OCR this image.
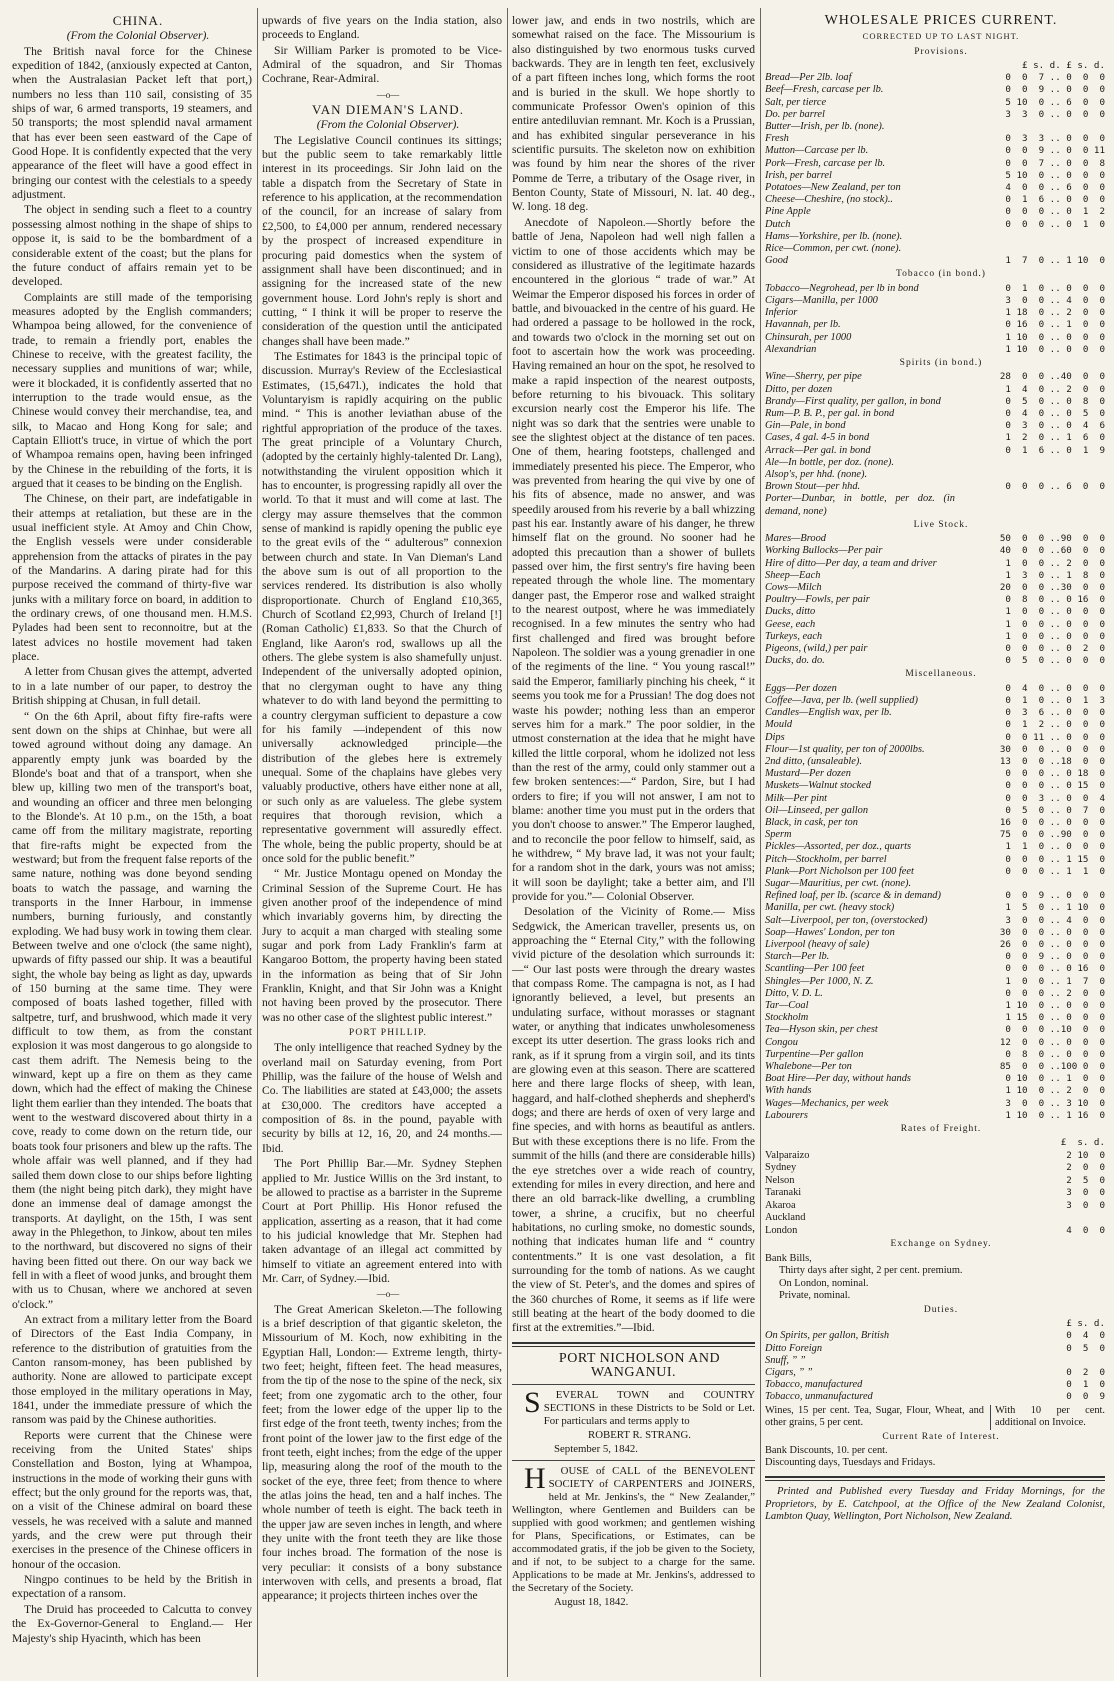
CHINA.

(From the Colonial Observer).

The British naval force for the Chinese expedition of 1842, (anxiously expected at Canton, when the Australasian Packet left that port,) numbers no less than 110 sail, consisting of 35 ships of war, 6 armed transports, 19 steamers, and 50 transports; the most splendid naval armament that has ever been seen eastward of the Cape of Good Hope. It is confidently expected that the very appearance of the fleet will have a good effect in bringing our contest with the celestials to a speedy adjustment.

The object in sending such a fleet to a country possessing almost nothing in the shape of ships to oppose it, is said to be the bombardment of a considerable extent of the coast; but the plans for the future conduct of affairs remain yet to be developed.

Complaints are still made of the temporising measures adopted by the English commanders; Whampoa being allowed, for the convenience of trade, to remain a friendly port, enables the Chinese to receive, with the greatest facility, the necessary supplies and munitions of war; while, were it blockaded, it is confidently asserted that no interruption to the trade would ensue, as the Chinese would convey their merchandise, tea, and silk, to Macao and Hong Kong for sale; and Captain Elliott's truce, in virtue of which the port of Whampoa remains open, having been infringed by the Chinese in the rebuilding of the forts, it is argued that it ceases to be binding on the English.

The Chinese, on their part, are indefatigable in their attemps at retaliation, but these are in the usual inefficient style. At Amoy and Chin Chow, the English vessels were under considerable apprehension from the attacks of pirates in the pay of the Mandarins. A daring pirate had for this purpose received the command of thirty-five war junks with a military force on board, in addition to the ordinary crews, of one thousand men. H.M.S. Pylades had been sent to reconnoitre, but at the latest advices no hostile movement had taken place.

A letter from Chusan gives the attempt, adverted to in a late number of our paper, to destroy the British shipping at Chusan, in full detail.

“ On the 6th April, about fifty fire-rafts were sent down on the ships at Chinhae, but were all towed aground without doing any damage. An apparently empty junk was boarded by the Blonde's boat and that of a transport, when she blew up, killing two men of the transport's boat, and wounding an officer and three men belonging to the Blonde's. At 10 p.m., on the 15th, a boat came off from the military magistrate, reporting that fire-rafts might be expected from the westward; but from the frequent false reports of the same nature, nothing was done beyond sending boats to watch the passage, and warning the transports in the Inner Harbour, in immense numbers, burning furiously, and constantly exploding. We had busy work in towing them clear. Between twelve and one o'clock (the same night), upwards of fifty passed our ship. It was a beautiful sight, the whole bay being as light as day, upwards of 150 burning at the same time. They were composed of boats lashed together, filled with saltpetre, turf, and brushwood, which made it very difficult to tow them, as from the constant explosion it was most dangerous to go alongside to cast them adrift. The Nemesis being to the winward, kept up a fire on them as they came down, which had the effect of making the Chinese light them earlier than they intended. The boats that went to the westward discovered about thirty in a cove, ready to come down on the return tide, our boats took four prisoners and blew up the rafts. The whole affair was well planned, and if they had sailed them down close to our ships before lighting them (the night being pitch dark), they might have done an immense deal of damage amongst the transports. At daylight, on the 15th, I was sent away in the Phlegethon, to Jinkow, about ten miles to the northward, but discovered no signs of their having been fitted out there. On our way back we fell in with a fleet of wood junks, and brought them with us to Chusan, where we anchored at seven o'clock.”

An extract from a military letter from the Board of Directors of the East India Company, in reference to the distribution of gratuities from the Canton ransom-money, has been published by authority. None are allowed to participate except those employed in the military operations in May, 1841, under the immediate pressure of which the ransom was paid by the Chinese authorities.

Reports were current that the Chinese were receiving from the United States' ships Constellation and Boston, lying at Whampoa, instructions in the mode of working their guns with effect; but the only ground for the reports was, that, on a visit of the Chinese admiral on board these vessels, he was received with a salute and manned yards, and the crew were put through their exercises in the presence of the Chinese officers in honour of the occasion.

Ningpo continues to be held by the British in expectation of a ransom.

The Druid has proceeded to Calcutta to convey the Ex-Governor-General to England.— Her Majesty's ship Hyacinth, which has been

upwards of five years on the India station, also proceeds to England.

Sir William Parker is promoted to be Vice-Admiral of the squadron, and Sir Thomas Cochrane, Rear-Admiral.

—o—

VAN DIEMAN'S LAND.

(From the Colonial Observer).

The Legislative Council continues its sittings; but the public seem to take remarkably little interest in its proceedings. Sir John laid on the table a dispatch from the Secretary of State in reference to his application, at the recommendation of the council, for an increase of salary from £2,500, to £4,000 per annum, rendered necessary by the prospect of increased expenditure in procuring paid domestics when the system of assignment shall have been discontinued; and in assigning for the increased state of the new government house. Lord John's reply is short and cutting, “ I think it will be proper to reserve the consideration of the question until the anticipated changes shall have been made.”

The Estimates for 1843 is the principal topic of discussion. Murray's Review of the Ecclesiastical Estimates, (15,647l.), indicates the hold that Voluntaryism is rapidly acquiring on the public mind. “ This is another leviathan abuse of the rightful appropriation of the produce of the taxes. The great principle of a Voluntary Church, (adopted by the certainly highly-talented Dr. Lang), notwithstanding the virulent opposition which it has to encounter, is progressing rapidly all over the world. To that it must and will come at last. The clergy may assure themselves that the common sense of mankind is rapidly opening the public eye to the great evils of the “ adulterous” connexion between church and state. In Van Dieman's Land the above sum is out of all proportion to the services rendered. Its distribution is also wholly disproportionate. Church of England £10,365, Church of Scotland £2,993, Church of Ireland [!] (Roman Catholic) £1,833. So that the Church of England, like Aaron's rod, swallows up all the others. The glebe system is also shamefully unjust. Independent of the universally adopted opinion, that no clergyman ought to have any thing whatever to do with land beyond the permitting to a country clergyman sufficient to depasture a cow for his family —independent of this now universally acknowledged principle—the distribution of the glebes here is extremely unequal. Some of the chaplains have glebes very valuably productive, others have either none at all, or such only as are valueless. The glebe system requires that thorough revision, which a representative government will assuredly effect. The whole, being the public property, should be at once sold for the public benefit.”

“ Mr. Justice Montagu opened on Monday the Criminal Session of the Supreme Court. He has given another proof of the independence of mind which invariably governs him, by directing the Jury to acquit a man charged with stealing some sugar and pork from Lady Franklin's farm at Kangaroo Bottom, the property having been stated in the information as being that of Sir John Franklin, Knight, and that Sir John was a Knight not having been proved by the prosecutor. There was no other case of the slightest public interest.”

PORT PHILLIP.

The only intelligence that reached Sydney by the overland mail on Saturday evening, from Port Phillip, was the failure of the house of Welsh and Co. The liabilities are stated at £43,000; the assets at £30,000. The creditors have accepted a composition of 8s. in the pound, payable with security by bills at 12, 16, 20, and 24 months.—Ibid.

The Port Phillip Bar.—Mr. Sydney Stephen applied to Mr. Justice Willis on the 3rd instant, to be allowed to practise as a barrister in the Supreme Court at Port Phillip. His Honor refused the application, asserting as a reason, that it had come to his judicial knowledge that Mr. Stephen had taken advantage of an illegal act committed by himself to vitiate an agreement entered into with Mr. Carr, of Sydney.—Ibid.

—o—

The Great American Skeleton.—The following is a brief description of that gigantic skeleton, the Missourium of M. Koch, now exhibiting in the Egyptian Hall, London:— Extreme length, thirty-two feet; height, fifteen feet. The head measures, from the tip of the nose to the spine of the neck, six feet; from one zygomatic arch to the other, four feet; from the lower edge of the upper lip to the first edge of the front teeth, twenty inches; from the front point of the lower jaw to the first edge of the front teeth, eight inches; from the edge of the upper lip, measuring along the roof of the mouth to the socket of the eye, three feet; from thence to where the atlas joins the head, ten and a half inches. The whole number of teeth is eight. The back teeth in the upper jaw are seven inches in length, and where they unite with the front teeth they are like those four inches broad. The formation of the nose is very peculiar: it consists of a bony substance interwoven with cells, and presents a broad, flat appearance; it projects thirteen inches over the

lower jaw, and ends in two nostrils, which are somewhat raised on the face. The Missourium is also distinguished by two enormous tusks curved backwards. They are in length ten feet, exclusively of a part fifteen inches long, which forms the root and is buried in the skull. We hope shortly to communicate Professor Owen's opinion of this entire antediluvian remnant. Mr. Koch is a Prussian, and has exhibited singular perseverance in his scientific pursuits. The skeleton now on exhibition was found by him near the shores of the river Pomme de Terre, a tributary of the Osage river, in Benton County, State of Missouri, N. lat. 40 deg., W. long. 18 deg.

Anecdote of Napoleon.—Shortly before the battle of Jena, Napoleon had well nigh fallen a victim to one of those accidents which may be considered as illustrative of the legitimate hazards encountered in the glorious “ trade of war.” At Weimar the Emperor disposed his forces in order of battle, and bivouacked in the centre of his guard. He had ordered a passage to be hollowed in the rock, and towards two o'clock in the morning set out on foot to ascertain how the work was proceeding. Having remained an hour on the spot, he resolved to make a rapid inspection of the nearest outposts, before returning to his bivouack. This solitary excursion nearly cost the Emperor his life. The night was so dark that the sentries were unable to see the slightest object at the distance of ten paces. One of them, hearing footsteps, challenged and immediately presented his piece. The Emperor, who was prevented from hearing the qui vive by one of his fits of absence, made no answer, and was speedily aroused from his reverie by a ball whizzing past his ear. Instantly aware of his danger, he threw himself flat on the ground. No sooner had he adopted this precaution than a shower of bullets passed over him, the first sentry's fire having been repeated through the whole line. The momentary danger past, the Emperor rose and walked straight to the nearest outpost, where he was immediately recognised. In a few minutes the sentry who had first challenged and fired was brought before Napoleon. The soldier was a young grenadier in one of the regiments of the line. “ You young rascal!” said the Emperor, familiarly pinching his cheek, “ it seems you took me for a Prussian! The dog does not waste his powder; nothing less than an emperor serves him for a mark.” The poor soldier, in the utmost consternation at the idea that he might have killed the little corporal, whom he idolized not less than the rest of the army, could only stammer out a few broken sentences:—“ Pardon, Sire, but I had orders to fire; if you will not answer, I am not to blame: another time you must put in the orders that you don't choose to answer.” The Emperor laughed, and to reconcile the poor fellow to himself, said, as he withdrew, “ My brave lad, it was not your fault; for a random shot in the dark, yours was not amiss; it will soon be daylight; take a better aim, and I'll provide for you.”— Colonial Observer.

Desolation of the Vicinity of Rome.— Miss Sedgwick, the American traveller, presents us, on approaching the “ Eternal City,” with the following vivid picture of the desolation which surrounds it:—“ Our last posts were through the dreary wastes that compass Rome. The campagna is not, as I had ignorantly believed, a level, but presents an undulating surface, without morasses or stagnant water, or anything that indicates unwholesomeness except its utter desertion. The grass looks rich and rank, as if it sprung from a virgin soil, and its tints are glowing even at this season. There are scattered here and there large flocks of sheep, with lean, haggard, and half-clothed shepherds and shepherd's dogs; and there are herds of oxen of very large and fine species, and with horns as beautiful as antlers. But with these exceptions there is no life. From the summit of the hills (and there are considerable hills) the eye stretches over a wide reach of country, extending for miles in every direction, and here and there an old barrack-like dwelling, a crumbling tower, a shrine, a crucifix, but no cheerful habitations, no curling smoke, no domestic sounds, nothing that indicates human life and “ country contentments.” It is one vast desolation, a fit surrounding for the tomb of nations. As we caught the view of St. Peter's, and the domes and spires of the 360 churches of Rome, it seems as if life were still beating at the heart of the body doomed to die first at the extremities.”—Ibid.

PORT NICHOLSON AND WANGANUI.

S EVERAL TOWN and COUNTRY SECTIONS in these Districts to be Sold or Let. For particulars and terms apply to

ROBERT R. STRANG.

September 5, 1842.

H OUSE of CALL of the BENEVOLENT SOCIETY of CARPENTERS and JOINERS, held at Mr. Jenkins's, the “ New Zealander,” Wellington, where Gentlemen and Builders can be supplied with good workmen; and gentlemen wishing for Plans, Specifications, or Estimates, can be accommodated gratis, if the job be given to the Society, and if not, to be subject to a charge for the same. Applications to be made at Mr. Jenkins's, addressed to the Secretary of the Society.

August 18, 1842.

WHOLESALE PRICES CURRENT.

CORRECTED UP TO LAST NIGHT.

Provisions.

	£ s. d. £ s. d.
Bread—Per 2lb. loaf	0  0  7 .. 0  0  0
Beef—Fresh, carcase per lb.	0  0  9 .. 0  0  0
Salt, per tierce	5 10  0 .. 6  0  0
Do. per barrel	3  3  0 .. 0  0  0
Butter—Irish, per lb. (none).	
Fresh	0  3  3 .. 0  0  0
Mutton—Carcase per lb.	0  0  9 .. 0  0 11
Pork—Fresh, carcase per lb.	0  0  7 .. 0  0  8
Irish, per barrel	5 10  0 .. 0  0  0
Potatoes—New Zealand, per ton	4  0  0 .. 6  0  0
Cheese—Cheshire, (no stock)..	0  1  6 .. 0  0  0
Pine Apple	0  0  0 .. 0  1  2
Dutch	0  0  0 .. 0  1  0
Hams—Yorkshire, per lb. (none).	
Rice—Common, per cwt. (none).	
Good	1  7  0 .. 1 10  0

Tobacco (in bond.)

Tobacco—Negrohead, per lb in bond	0  1  0 .. 0  0  0
Cigars—Manilla, per 1000	3  0  0 .. 4  0  0
Inferior	1 18  0 .. 2  0  0
Havannah, per lb.	0 16  0 .. 1  0  0
Chinsurah, per 1000	1 10  0 .. 0  0  0
Alexandrian	1 10  0 .. 0  0  0

Spirits (in bond.)

Wine—Sherry, per pipe	28  0  0 ..40  0  0
Ditto, per dozen	1  4  0 .. 2  0  0
Brandy—First quality, per gallon, in bond	0  5  0 .. 0  8  0
Rum—P. B. P., per gal. in bond	0  4  0 .. 0  5  0
Gin—Pale, in bond	0  3  0 .. 0  4  6
Cases, 4 gal. 4-5 in bond	1  2  0 .. 1  6  0
Arrack—Per gal. in bond	0  1  6 .. 0  1  9
Ale—In bottle, per doz. (none).	
Alsop's, per hhd. (none).	
Brown Stout—per hhd.	0  0  0 .. 6  0  0
Porter—Dunbar, in bottle, per doz. (in demand, none)	

Live Stock.

Mares—Brood	50  0  0 ..90  0  0
Working Bullocks—Per pair	40  0  0 ..60  0  0
Hire of ditto—Per day, a team and driver	1  0  0 .. 2  0  0
Sheep—Each	1  3  0 .. 1  8  0
Cows—Milch	20  0  0 ..30  0  0
Poultry—Fowls, per pair	0  8  0 .. 0 16  0
Ducks, ditto	1  0  0 .. 0  0  0
Geese, each	1  0  0 .. 0  0  0
Turkeys, each	1  0  0 .. 0  0  0
Pigeons, (wild,) per pair	0  0  0 .. 0  2  0
Ducks, do. do.	0  5  0 .. 0  0  0

Miscellaneous.

Eggs—Per dozen	0  4  0 .. 0  0  0
Coffee—Java, per lb. (well supplied)	0  1  0 .. 0  1  3
Candles—English wax, per lb.	0  3  6 .. 0  0  0
Mould	0  1  2 .. 0  0  0
Dips	0  0 11 .. 0  0  0
Flour—1st quality, per ton of 2000lbs.	30  0  0 .. 0  0  0
2nd ditto, (unsaleable).	13  0  0 ..18  0  0
Mustard—Per dozen	0  0  0 .. 0 18  0
Muskets—Walnut stocked	0  0  0 .. 0 15  0
Milk—Per pint	0  0  3 .. 0  0  4
Oil—Linseed, per gallon	0  5  0 .. 0  7  0
Black, in cask, per ton	16  0  0 .. 0  0  0
Sperm	75  0  0 ..90  0  0
Pickles—Assorted, per doz., quarts	1  1  0 .. 0  0  0
Pitch—Stockholm, per barrel	0  0  0 .. 1 15  0
Plank—Port Nicholson per 100 feet	0  0  0 .. 1  1  0
Sugar—Mauritius, per cwt. (none).	
Refined loaf, per lb. (scarce & in demand)	0  0  9 .. 0  0  0
Manilla, per cwt. (heavy stock)	1  5  0 .. 1 10  0
Salt—Liverpool, per ton, (overstocked)	3  0  0 .. 4  0  0
Soap—Hawes' London, per ton	30  0  0 .. 0  0  0
Liverpool (heavy of sale)	26  0  0 .. 0  0  0
Starch—Per lb.	0  0  9 .. 0  0  0
Scantling—Per 100 feet	0  0  0 .. 0 16  0
Shingles—Per 1000, N. Z.	1  0  0 .. 1  7  0
Ditto, V. D. L.	0  0  0 .. 2  0  0
Tar—Coal	1 10  0 .. 0  0  0
Stockholm	1 15  0 .. 0  0  0
Tea—Hyson skin, per chest	0  0  0 ..10  0  0
Congou	12  0  0 .. 0  0  0
Turpentine—Per gallon	0  8  0 .. 0  0  0
Whalebone—Per ton	85  0  0 ..100 0  0
Boat Hire—Per day, without hands	0 10  0 .. 1  0  0
With hands	1 10  0 .. 2  0  0
Wages—Mechanics, per week	3  0  0 .. 3 10  0
Labourers	1 10  0 .. 1 16  0

Rates of Freight.

£  s. d.
Valparaizo	2 10  0
Sydney	2  0  0
Nelson	2  5  0
Taranaki	3  0  0
Akaroa	3  0  0
Auckland
London	4  0  0

Exchange on Sydney.

Bank Bills,
Thirty days after sight, 2 per cent. premium.
On London, nominal.
Private, nominal.

Duties.

	£ s. d.
On Spirits, per gallon, British	0  4  0
Ditto Foreign	0  5  0
Snuff, ” ”	
Cigars, ” ”	0  2  0
Tobacco, manufactured	0  1  0
Tobacco, unmanufactured	0  0  9
Wines, 15 per cent. Tea, Sugar, Flour, Wheat, and other grains, 5 per cent.
With 10 per cent. additional on Invoice.

Current Rate of Interest.

Bank Discounts, 10. per cent.
Discounting days, Tuesdays and Fridays.

Printed and Published every Tuesday and Friday Mornings, for the Proprietors, by E. Catchpool, at the Office of the New Zealand Colonist, Lambton Quay, Wellington, Port Nicholson, New Zealand.
